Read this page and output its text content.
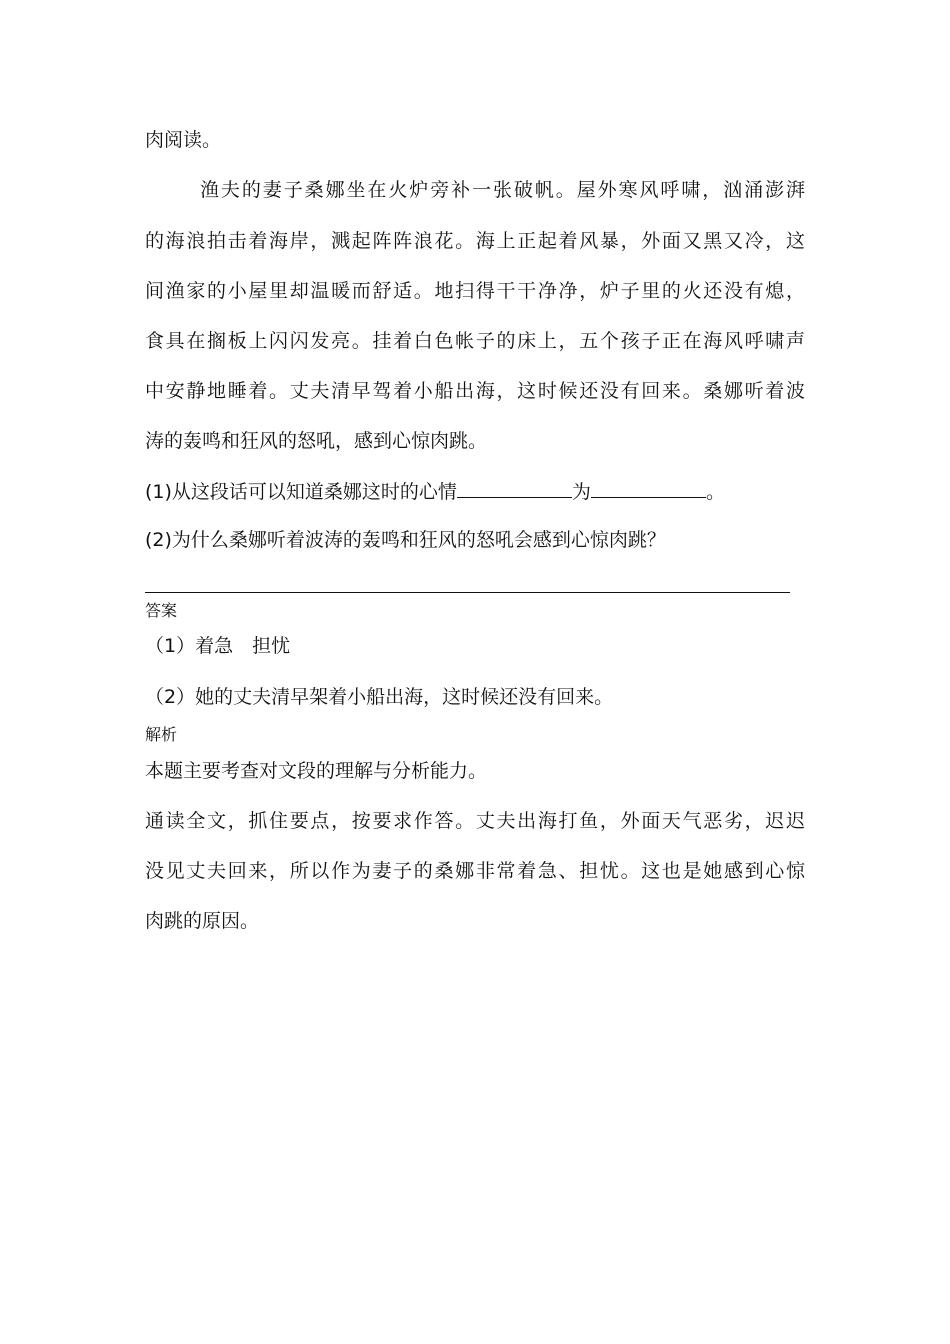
肉阅读。
渔夫的妻子桑娜坐在火炉旁补一张破帆。屋外寒风呼啸，汹涌澎湃
的海浪拍击着海岸，溅起阵阵浪花。海上正起着风暴，外面又黑又冷，这
间渔家的小屋里却温暖而舒适。地扫得干干净净，炉子里的火还没有熄，
食具在搁板上闪闪发亮。挂着白色帐子的床上，五个孩子正在海风呼啸声
中安静地睡着。丈夫清早驾着小船出海，这时候还没有回来。桑娜听着波
涛的轰鸣和狂风的怒吼，感到心惊肉跳。
(1)从这段话可以知道桑娜这时的心情	为	。
(2)为什么桑娜听着波涛的轰鸣和狂风的怒吼会感到心惊肉跳？
答案
（1）着急　担忧
（2）她的丈夫清早架着小船出海，这时候还没有回来。
解析
本题主要考查对文段的理解与分析能力。
通读全文，抓住要点，按要求作答。丈夫出海打鱼，外面天气恶劣，迟迟
没见丈夫回来，所以作为妻子的桑娜非常着急、担忧。这也是她感到心惊
肉跳的原因。
